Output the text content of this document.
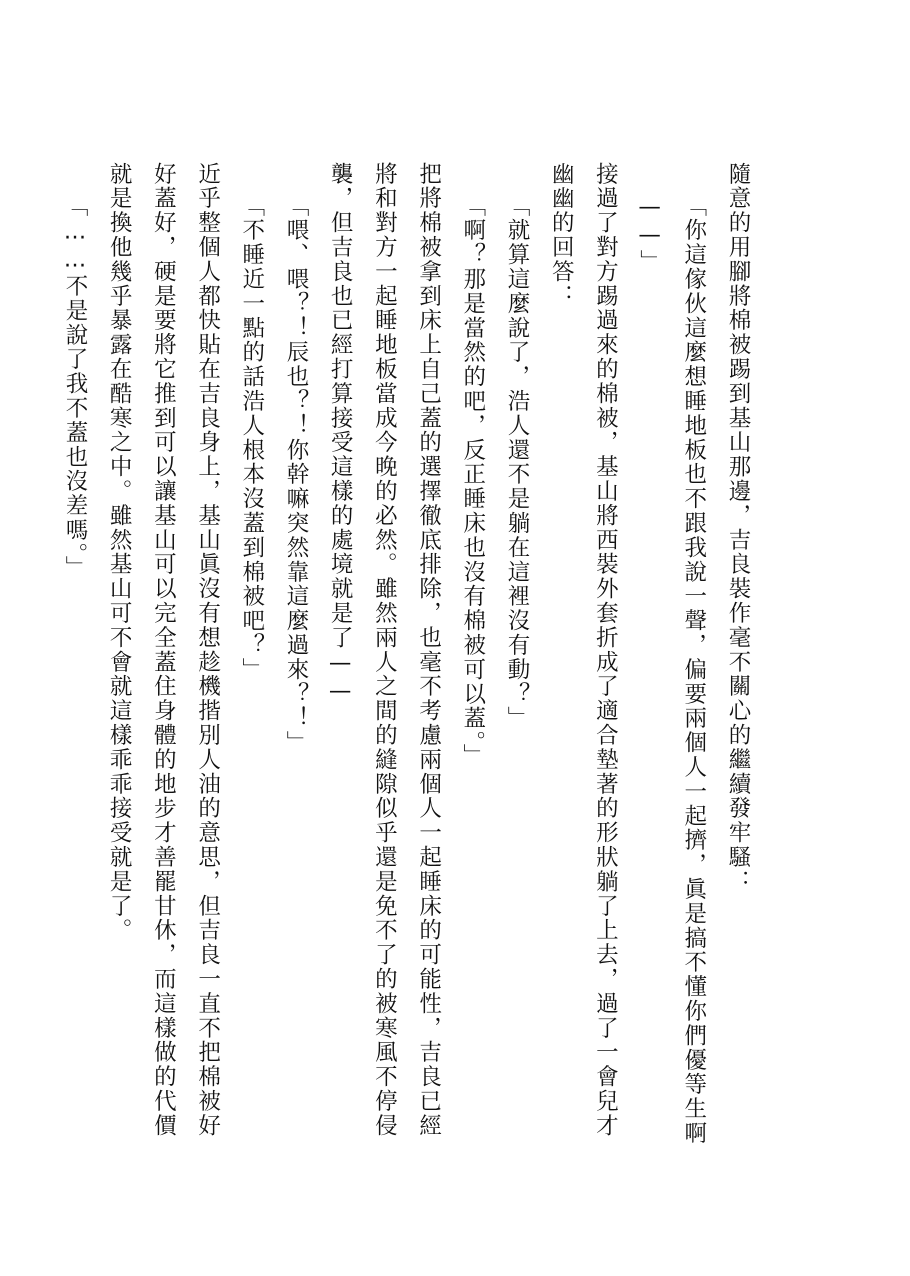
隨意的用腳將棉被踢到基山那邊，吉良裝作毫不關心的繼續發牢騷：

「你這傢伙這麼想睡地板也不跟我說一聲，偏要兩個人一起擠，眞是搞不懂你們優等生啊——」

接過了對方踢過來的棉被，基山將西裝外套折成了適合墊著的形狀躺了上去，過了一會兒才幽幽的回答：

「就算這麼說了，浩人還不是躺在這裡沒有動？」

「啊？那是當然的吧，反正睡床也沒有棉被可以蓋。」

把將棉被拿到床上自己蓋的選擇徹底排除，也毫不考慮兩個人一起睡床的可能性，吉良已經將和對方一起睡地板當成今晚的必然。雖然兩人之間的縫隙似乎還是免不了的被寒風不停侵襲，但吉良也已經打算接受這樣的處境就是了——

「喂、喂？！辰也？！你幹嘛突然靠這麼過來？！」

「不睡近一點的話浩人根本沒蓋到棉被吧？」

近乎整個人都快貼在吉良身上，基山眞沒有想趁機揩別人油的意思，但吉良一直不把棉被好好蓋好，硬是要將它推到可以讓基山可以完全蓋住身體的地步才善罷甘休，而這樣做的代價就是換他幾乎暴露在酷寒之中。雖然基山可不會就這樣乖乖接受就是了。

「……不是說了我不蓋也沒差嗎。」
